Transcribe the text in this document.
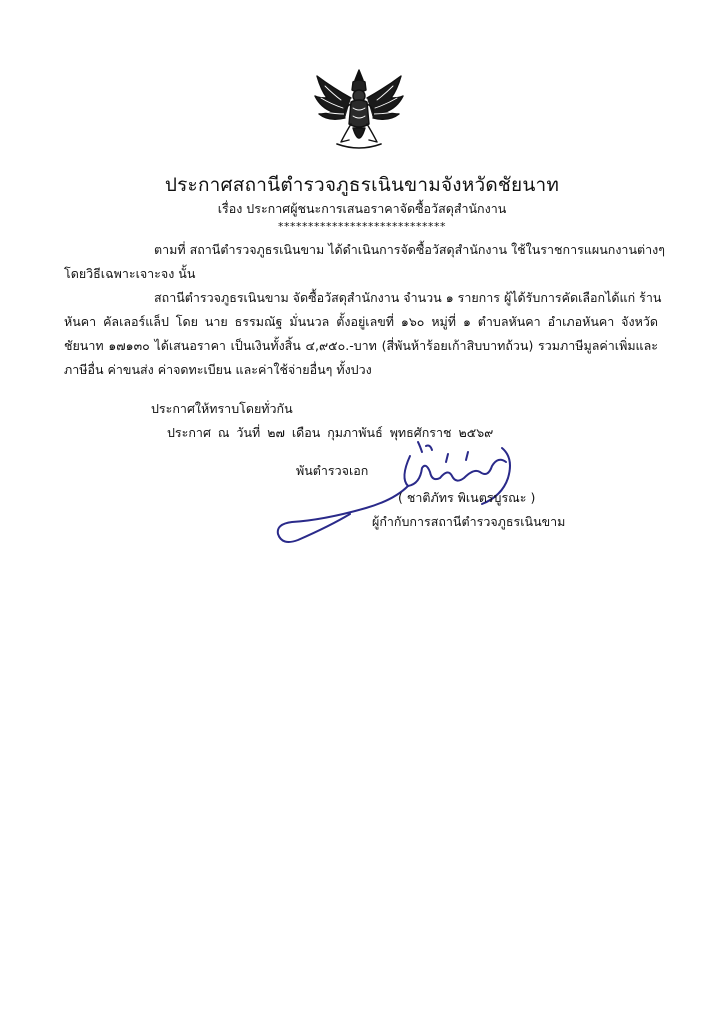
ประกาศสถานีตำรวจภูธรเนินขามจังหวัดชัยนาท
เรื่อง ประกาศผู้ชนะการเสนอราคาจัดซื้อวัสดุสำนักงาน
****************************
ตามที่ สถานีตำรวจภูธรเนินขาม ได้ดำเนินการจัดซื้อวัสดุสำนักงาน ใช้ในราชการแผนกงานต่างๆ
โดยวิธีเฉพาะเจาะจง นั้น
สถานีตำรวจภูธรเนินขาม จัดซื้อวัสดุสำนักงาน จำนวน ๑ รายการ ผู้ได้รับการคัดเลือกได้แก่ ร้าน
หันคา คัลเลอร์แล็ป โดย นาย ธรรมณัฐ มั่นนวล ตั้งอยู่เลขที่ ๑๖๐ หมู่ที่ ๑ ตำบลหันคา อำเภอหันคา จังหวัด
ชัยนาท ๑๗๑๓๐ ได้เสนอราคา เป็นเงินทั้งสิ้น ๔,๙๕๐.-บาท (สี่พันห้าร้อยเก้าสิบบาทถ้วน) รวมภาษีมูลค่าเพิ่มและ
ภาษีอื่น ค่าขนส่ง ค่าจดทะเบียน และค่าใช้จ่ายอื่นๆ ทั้งปวง
ประกาศให้ทราบโดยทั่วกัน
ประกาศ ณ วันที่ ๒๗ เดือน กุมภาพันธ์ พุทธศักราช ๒๕๖๙
พันตำรวจเอก
( ชาติภัทร พิเนตรบูรณะ )
ผู้กำกับการสถานีตำรวจภูธรเนินขาม
